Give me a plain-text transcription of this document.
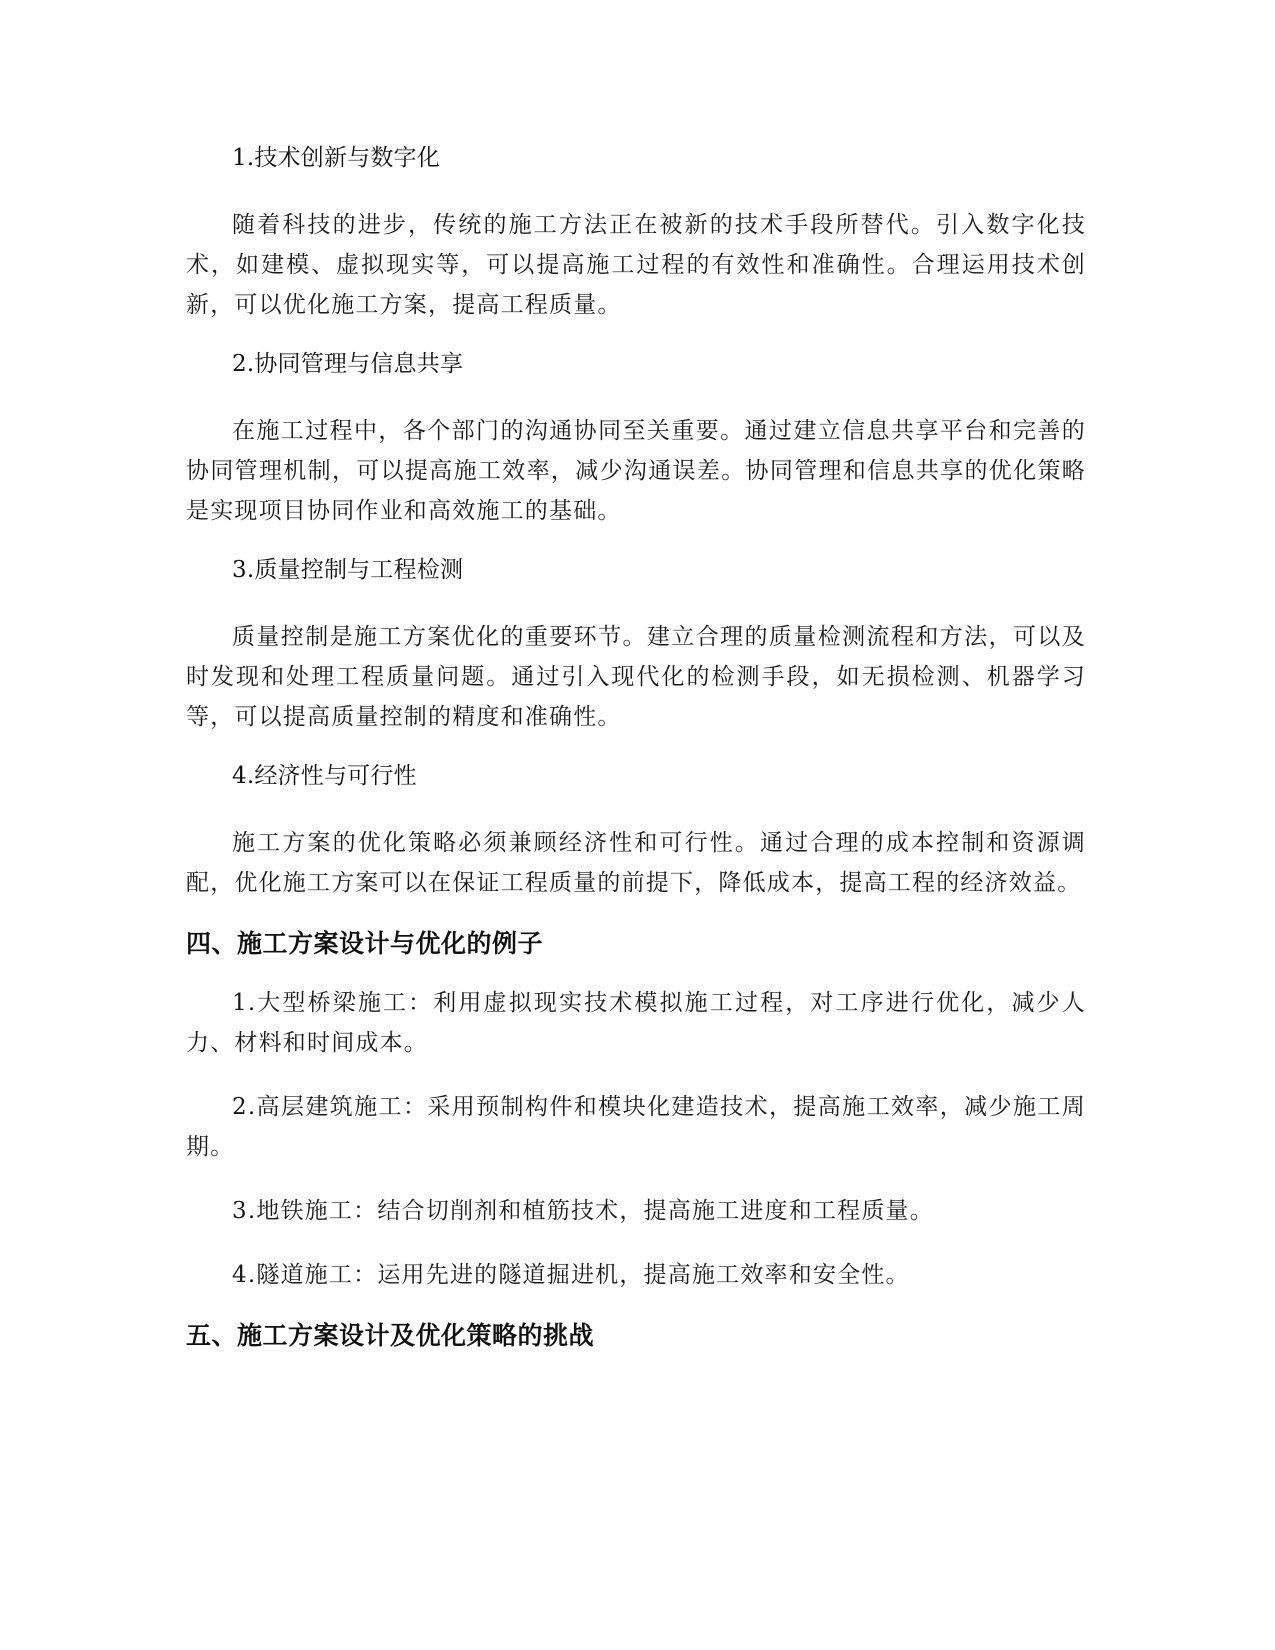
1.技术创新与数字化

随着科技的进步，传统的施工方法正在被新的技术手段所替代。引入数字化技术，如建模、虚拟现实等，可以提高施工过程的有效性和准确性。合理运用技术创新，可以优化施工方案，提高工程质量。

2.协同管理与信息共享

在施工过程中，各个部门的沟通协同至关重要。通过建立信息共享平台和完善的协同管理机制，可以提高施工效率，减少沟通误差。协同管理和信息共享的优化策略是实现项目协同作业和高效施工的基础。

3.质量控制与工程检测

质量控制是施工方案优化的重要环节。建立合理的质量检测流程和方法，可以及时发现和处理工程质量问题。通过引入现代化的检测手段，如无损检测、机器学习等，可以提高质量控制的精度和准确性。

4.经济性与可行性

施工方案的优化策略必须兼顾经济性和可行性。通过合理的成本控制和资源调配，优化施工方案可以在保证工程质量的前提下，降低成本，提高工程的经济效益。

四、施工方案设计与优化的例子

1.大型桥梁施工：利用虚拟现实技术模拟施工过程，对工序进行优化，减少人力、材料和时间成本。

2.高层建筑施工：采用预制构件和模块化建造技术，提高施工效率，减少施工周期。

3.地铁施工：结合切削剂和植筋技术，提高施工进度和工程质量。

4.隧道施工：运用先进的隧道掘进机，提高施工效率和安全性。

五、施工方案设计及优化策略的挑战
